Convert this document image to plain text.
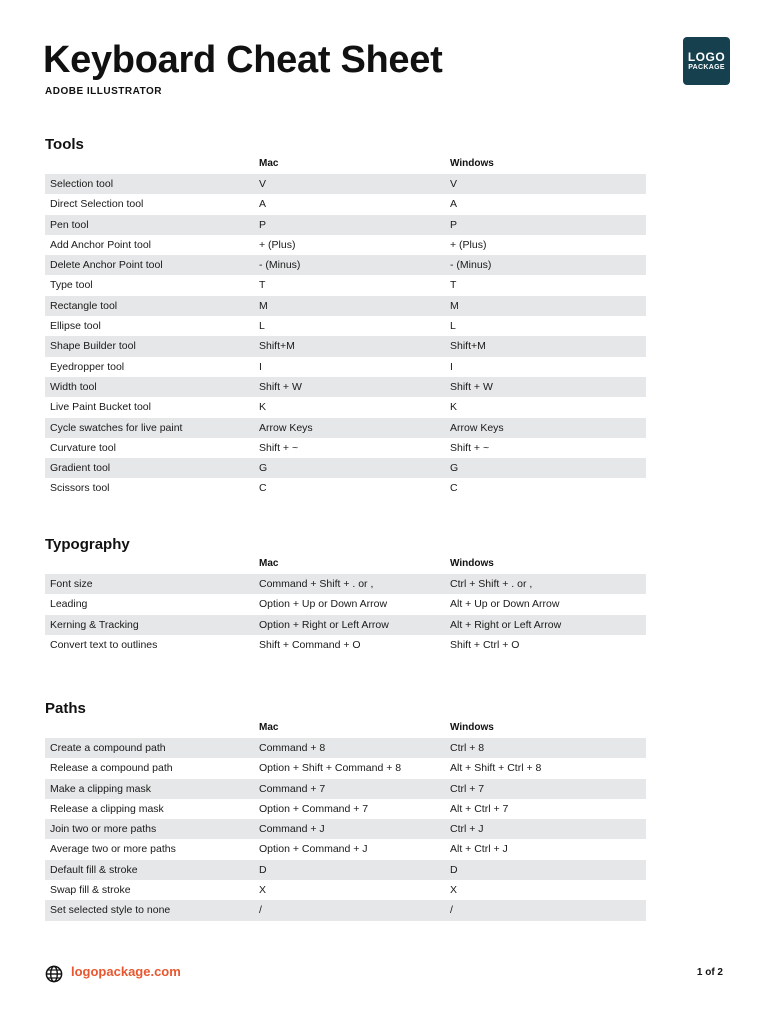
Keyboard Cheat Sheet
ADOBE ILLUSTRATOR
LOGO
PACKAGE
Tools
Mac	Windows
Selection tool	V	V
Direct Selection tool	A	A
Pen tool	P	P
Add Anchor Point tool	+ (Plus)	+ (Plus)
Delete Anchor Point tool	- (Minus)	- (Minus)
Type tool	T	T
Rectangle tool	M	M
Ellipse tool	L	L
Shape Builder tool	Shift+M	Shift+M
Eyedropper tool	I	I
Width tool	Shift + W	Shift + W
Live Paint Bucket tool	K	K
Cycle swatches for live paint	Arrow Keys	Arrow Keys
Curvature tool	Shift + ~	Shift + ~
Gradient tool	G	G
Scissors tool	C	C
Typography
Mac	Windows
Font size	Command + Shift + . or ,	Ctrl + Shift + . or ,
Leading	Option + Up or Down Arrow	Alt + Up or Down Arrow
Kerning & Tracking	Option + Right or Left Arrow	Alt + Right or Left Arrow
Convert text to outlines	Shift + Command + O	Shift + Ctrl + O
Paths
Mac	Windows
Create a compound path	Command + 8	Ctrl + 8
Release a compound path	Option + Shift + Command + 8	Alt + Shift + Ctrl + 8
Make a clipping mask	Command + 7	Ctrl + 7
Release a clipping mask	Option + Command + 7	Alt + Ctrl + 7
Join two or more paths	Command + J	Ctrl + J
Average two or more paths	Option + Command + J	Alt + Ctrl + J
Default fill & stroke	D	D
Swap fill & stroke	X	X
Set selected style to none	/	/
logopackage.com	1 of 2
